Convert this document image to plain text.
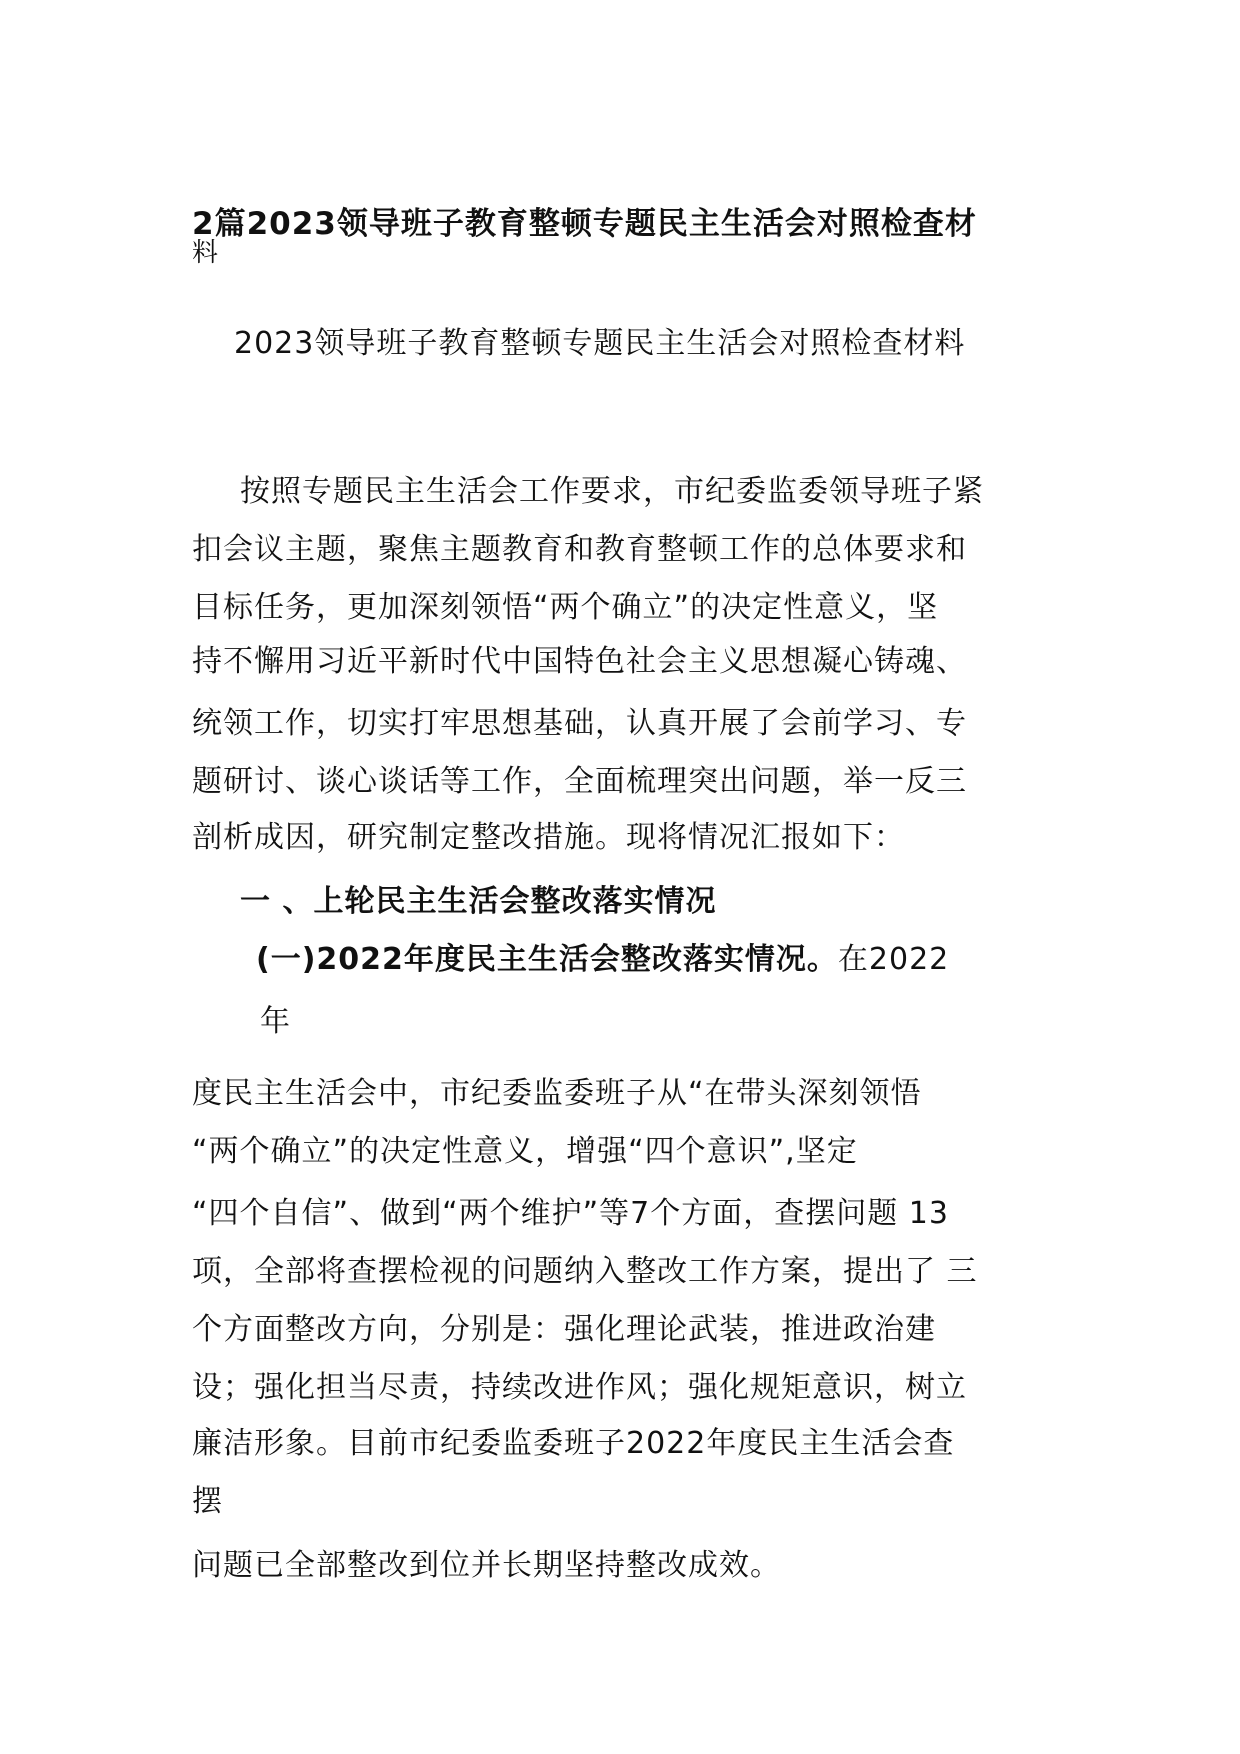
2篇2023领导班子教育整顿专题民主生活会对照检查材
料
2023领导班子教育整顿专题民主生活会对照检查材料
按照专题民主生活会工作要求，市纪委监委领导班子紧
扣会议主题，聚焦主题教育和教育整顿工作的总体要求和
目标任务，更加深刻领悟“两个确立”的决定性意义，坚
持不懈用习近平新时代中国特色社会主义思想凝心铸魂、
统领工作，切实打牢思想基础，认真开展了会前学习、专
题研讨、谈心谈话等工作，全面梳理突出问题，举一反三
剖析成因，研究制定整改措施。现将情况汇报如下：
一 、上轮民主生活会整改落实情况
(一)2022年度民主生活会整改落实情况。在2022
年
度民主生活会中，市纪委监委班子从“在带头深刻领悟
“两个确立”的决定性意义，增强“四个意识”,坚定
“四个自信”、做到“两个维护”等7个方面，查摆问题 13
项，全部将查摆检视的问题纳入整改工作方案，提出了 三
个方面整改方向，分别是：强化理论武装，推进政治建
设；强化担当尽责，持续改进作风；强化规矩意识，树立
廉洁形象。目前市纪委监委班子2022年度民主生活会查
摆
问题已全部整改到位并长期坚持整改成效。
